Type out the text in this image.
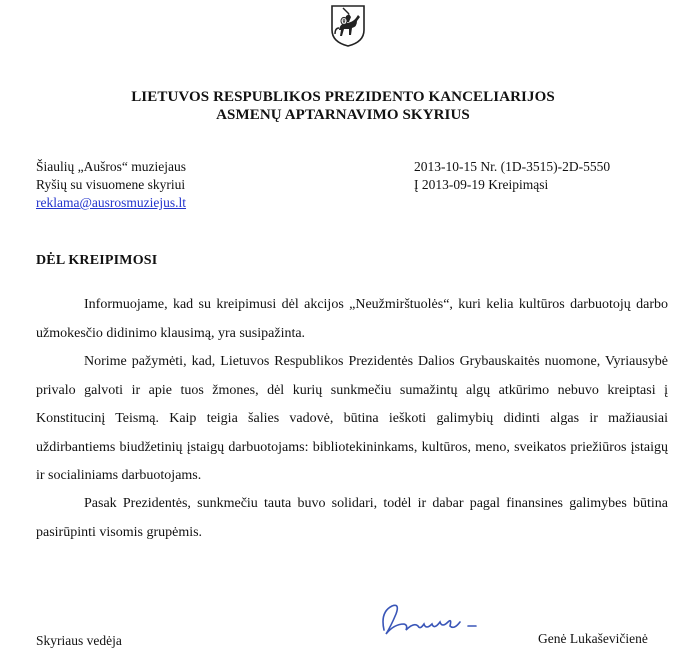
LIETUVOS RESPUBLIKOS PREZIDENTO KANCELIARIJOS
ASMENŲ APTARNAVIMO SKYRIUS
Šiaulių „Aušros“ muziejaus
Ryšių su visuomene skyriui
reklama@ausrosmuziejus.lt
2013-10-15 Nr. (1D-3515)-2D-5550
Į 2013-09-19 Kreipimąsi
DĖL KREIPIMOSI

Informuojame, kad su kreipimusi dėl akcijos „Neužmirštuolės“, kuri kelia kultūros darbuotojų darbo užmokesčio didinimo klausimą, yra susipažinta.

Norime pažymėti, kad, Lietuvos Respublikos Prezidentės Dalios Grybauskaitės nuomone, Vyriausybė privalo galvoti ir apie tuos žmones, dėl kurių sunkmečiu sumažintų algų atkūrimo nebuvo kreiptasi į Konstitucinį Teismą. Kaip teigia šalies vadovė, būtina ieškoti galimybių didinti algas ir mažiausiai uždirbantiems biudžetinių įstaigų darbuotojams: bibliotekininkams, kultūros, meno, sveikatos priežiūros įstaigų ir socialiniams darbuotojams.

Pasak Prezidentės, sunkmečiu tauta buvo solidari, todėl ir dabar pagal finansines galimybes būtina pasirūpinti visomis grupėmis.

Skyriaus vedėja	Genė Lukaševičienė
